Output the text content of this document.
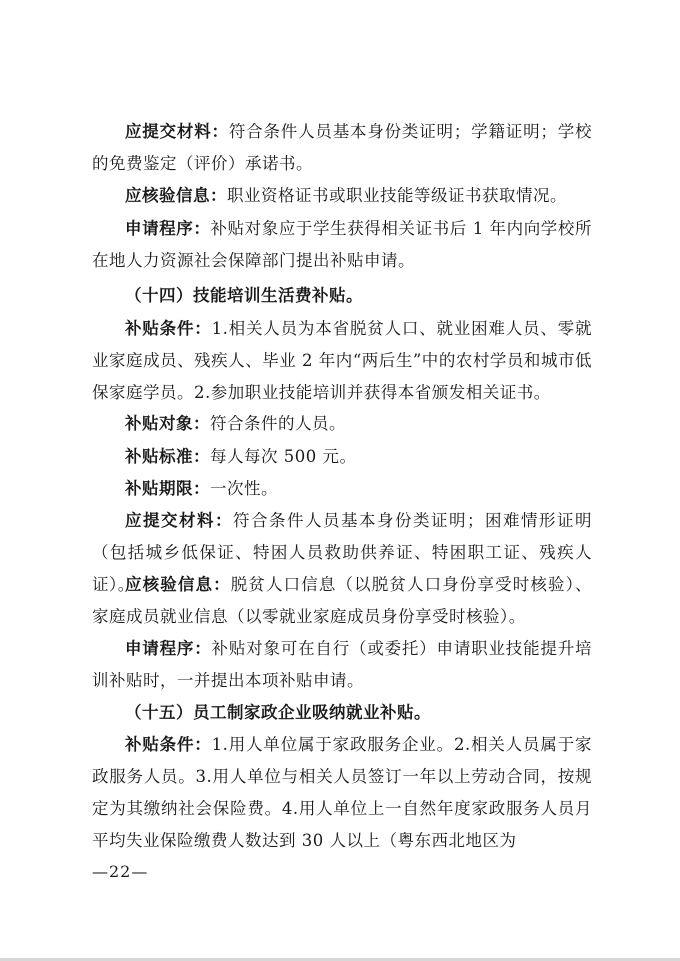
应提交材料：符合条件人员基本身份类证明；学籍证明；学校的免费鉴定（评价）承诺书。

应核验信息：职业资格证书或职业技能等级证书获取情况。

申请程序：补贴对象应于学生获得相关证书后 1 年内向学校所在地人力资源社会保障部门提出补贴申请。

（十四）技能培训生活费补贴。

补贴条件：1.相关人员为本省脱贫人口、就业困难人员、零就业家庭成员、残疾人、毕业 2 年内“两后生”中的农村学员和城市低保家庭学员。2.参加职业技能培训并获得本省颁发相关证书。

补贴对象：符合条件的人员。

补贴标准：每人每次 500 元。

补贴期限：一次性。

应提交材料：符合条件人员基本身份类证明；困难情形证明（包括城乡低保证、特困人员救助供养证、特困职工证、残疾人证）。

应核验信息：脱贫人口信息（以脱贫人口身份享受时核验）、家庭成员就业信息（以零就业家庭成员身份享受时核验）。

申请程序：补贴对象可在自行（或委托）申请职业技能提升培训补贴时，一并提出本项补贴申请。

（十五）员工制家政企业吸纳就业补贴。

补贴条件：1.用人单位属于家政服务企业。2.相关人员属于家政服务人员。3.用人单位与相关人员签订一年以上劳动合同，按规定为其缴纳社会保险费。4.用人单位上一自然年度家政服务人员月平均失业保险缴费人数达到 30 人以上（粤东西北地区为

—22—
